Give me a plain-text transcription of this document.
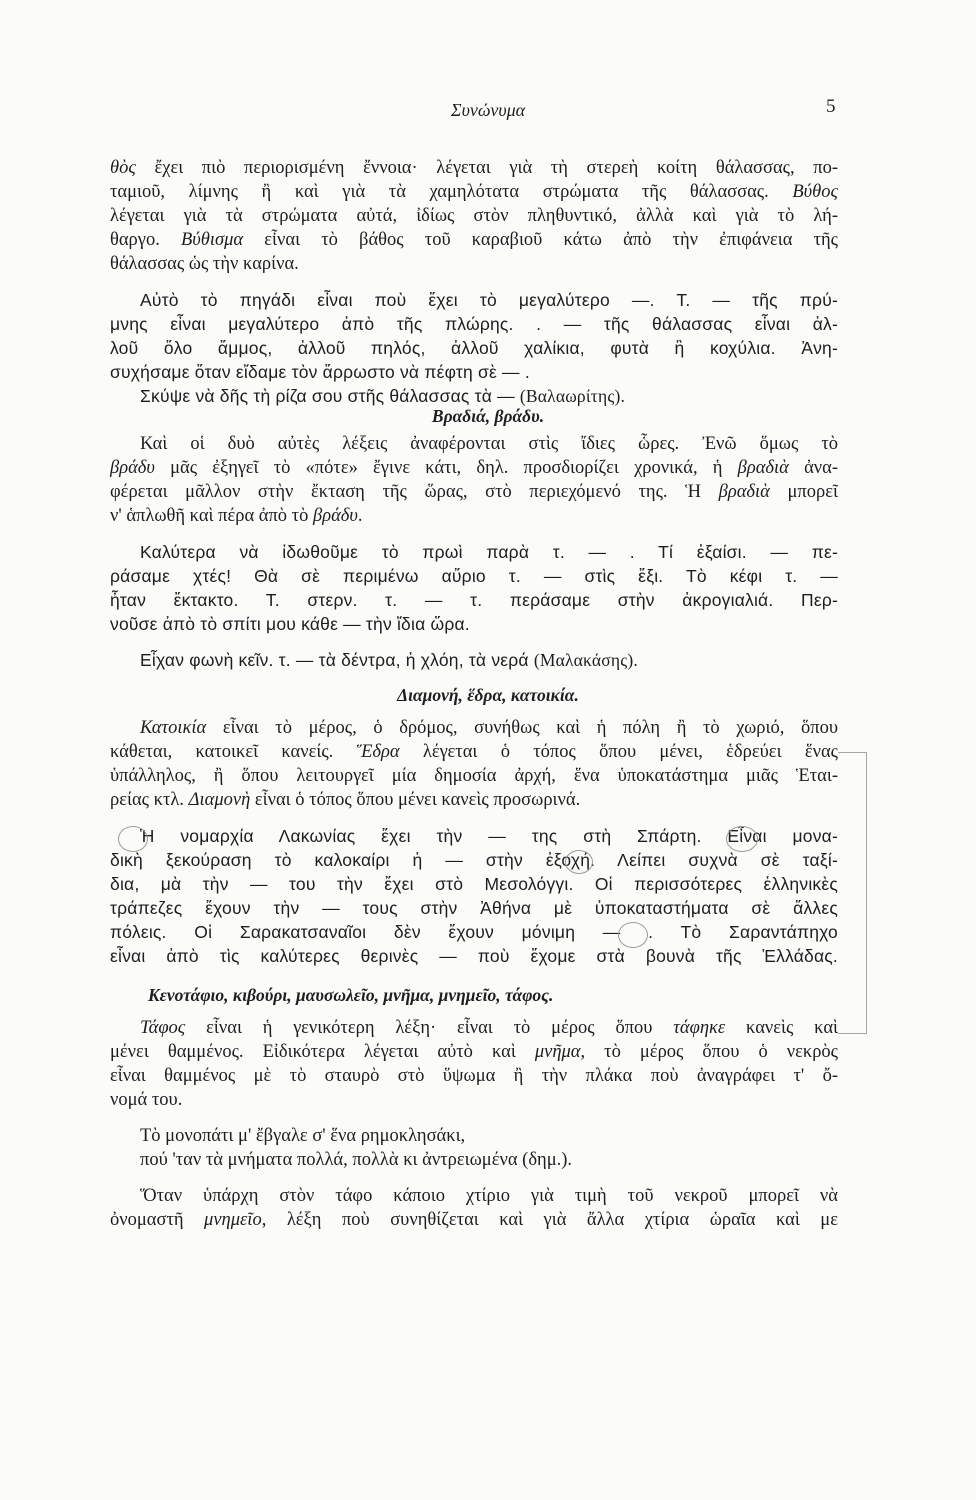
Συνώνυμα	5
Βραδιά, βράδυ.
Διαμονή, ἕδρα, κατοικία.
Κενοτάφιο, κιβούρι, μαυσωλεῖο, μνῆμα, μνημεῖο, τάφος.
θὸς ἔχει πιὸ περιορισμένη ἔννοια· λέγεται γιὰ τὴ στερεὴ κοίτη θάλασσας, πο-
ταμιοῦ, λίμνης ἢ καὶ γιὰ τὰ χαμηλότατα στρώματα τῆς θάλασσας. Βύθος
λέγεται γιὰ τὰ στρώματα αὐτά, ἰδίως στὸν πληθυντικό, ἀλλὰ καὶ γιὰ τὸ λή-
θαργο. Βύθισμα εἶναι τὸ βάθος τοῦ καραβιοῦ κάτω ἀπὸ τὴν ἐπιφάνεια τῆς
θάλασσας ὡς τὴν καρίνα.
Αὐτὸ τὸ πηγάδι εἶναι ποὺ ἔχει τὸ μεγαλύτερο —. Τ. — τῆς πρύ-
μνης εἶναι μεγαλύτερο ἀπὸ τῆς πλώρης. . — τῆς θάλασσας εἶναι ἀλ-
λοῦ ὅλο ἄμμος, ἀλλοῦ πηλός, ἀλλοῦ χαλίκια, φυτὰ ἢ κοχύλια. Ἀνη-
συχήσαμε ὅταν εἴδαμε τὸν ἄρρωστο νὰ πέφτη σὲ — .
Σκύψε νὰ δῆς τὴ ρίζα σου στῆς θάλασσας τὰ — (Βαλαωρίτης).
Καὶ οἱ δυὸ αὐτὲς λέξεις ἀναφέρονται στὶς ἴδιες ὧρες. Ἐνῶ ὅμως τὸ
βράδυ μᾶς ἐξηγεῖ τὸ «πότε» ἔγινε κάτι, δηλ. προσδιορίζει χρονικά, ἡ βραδιὰ ἀνα-
φέρεται μᾶλλον στὴν ἔκταση τῆς ὥρας, στὸ περιεχόμενό της. Ἡ βραδιὰ μπορεῖ
ν' ἁπλωθῆ καὶ πέρα ἀπὸ τὸ βράδυ.
Καλύτερα νὰ ἰδωθοῦμε τὸ πρωὶ παρὰ τ. — . Τί ἐξαίσι. — πε-
ράσαμε χτές! Θὰ σὲ περιμένω αὔριο τ. — στὶς ἔξι. Τὸ κέφι τ. —
ἦταν ἔκτακτο. Τ. στερν. τ. — τ. περάσαμε στὴν ἀκρογιαλιά. Περ-
νοῦσε ἀπὸ τὸ σπίτι μου κάθε — τὴν ἴδια ὥρα.
Εἶχαν φωνὴ κεῖν. τ. — τὰ δέντρα, ἡ χλόη, τὰ νερά (Μαλακάσης).
Κατοικία εἶναι τὸ μέρος, ὁ δρόμος, συνήθως καὶ ἡ πόλη ἢ τὸ χωριό, ὅπου
κάθεται, κατοικεῖ κανείς. Ἕδρα λέγεται ὁ τόπος ὅπου μένει, ἑδρεύει ἕνας
ὑπάλληλος, ἢ ὅπου λειτουργεῖ μία δημοσία ἀρχή, ἕνα ὑποκατάστημα μιᾶς Ἑται-
ρείας κτλ. Διαμονὴ εἶναι ὁ τόπος ὅπου μένει κανεὶς προσωρινά.
Ἡ νομαρχία Λακωνίας ἔχει τὴν — της στὴ Σπάρτη. Εἶναι μονα-
δικὴ ξεκούραση τὸ καλοκαίρι ἡ — στὴν ἐξοχή. Λείπει συχνὰ σὲ ταξί-
δια, μὰ τὴν — του τὴν ἔχει στὸ Μεσολόγγι. Οἱ περισσότερες ἑλληνικὲς
τράπεζες ἔχουν τὴν — τους στὴν Ἀθήνα μὲ ὑποκαταστήματα σὲ ἄλλες
πόλεις. Οἱ Σαρακατσαναῖοι δὲν ἔχουν μόνιμη — . Τὸ Σαραντάπηχο
εἶναι ἀπὸ τὶς καλύτερες θερινὲς — ποὺ ἔχομε στὰ βουνὰ τῆς Ἑλλάδας.
Τάφος εἶναι ἡ γενικότερη λέξη· εἶναι τὸ μέρος ὅπου τάφηκε κανεὶς καὶ
μένει θαμμένος. Εἰδικότερα λέγεται αὐτὸ καὶ μνῆμα, τὸ μέρος ὅπου ὁ νεκρὸς
εἶναι θαμμένος μὲ τὸ σταυρὸ στὸ ὕψωμα ἢ τὴν πλάκα ποὺ ἀναγράφει τ' ὄ-
νομά του.
Τὸ μονοπάτι μ' ἔβγαλε σ' ἕνα ρημοκλησάκι,
πού 'ταν τὰ μνήματα πολλά, πολλὰ κι ἀντρειωμένα (δημ.).
Ὅταν ὑπάρχη στὸν τάφο κάποιο χτίριο γιὰ τιμὴ τοῦ νεκροῦ μπορεῖ νὰ
ὀνομαστῆ μνημεῖο, λέξη ποὺ συνηθίζεται καὶ γιὰ ἄλλα χτίρια ὡραῖα καὶ με
